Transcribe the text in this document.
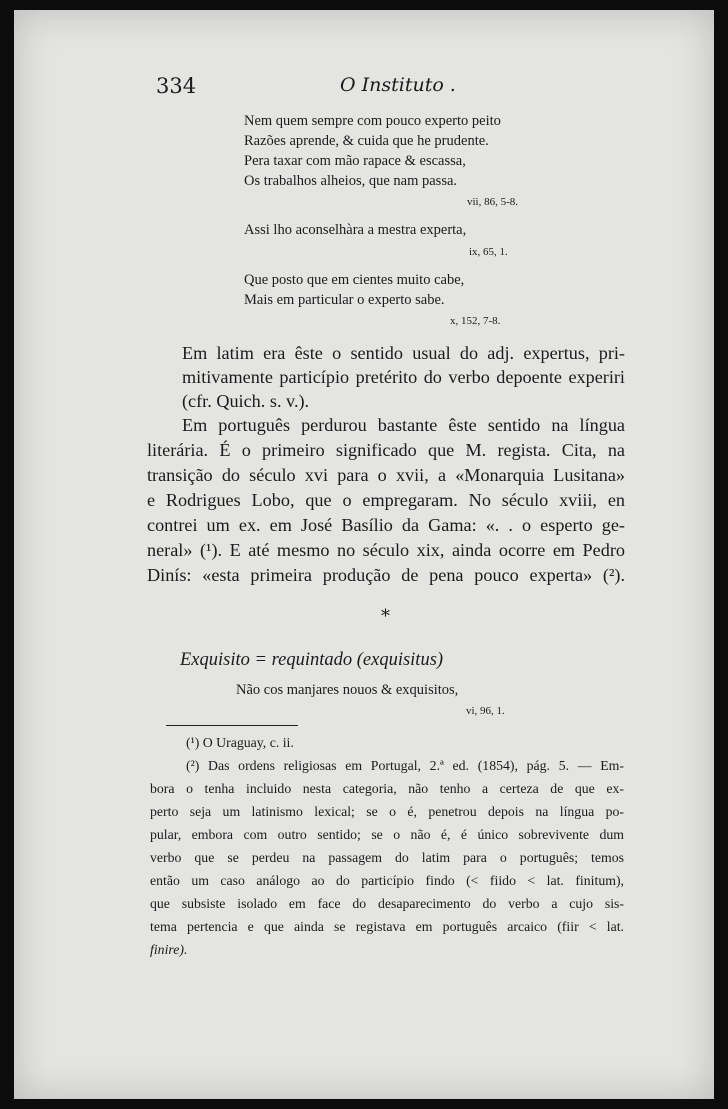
334	O Instituto .
Nem quem sempre com pouco experto peito
Razões aprende, & cuida que he prudente.
Pera taxar com mão rapace & escassa,
Os trabalhos alheios, que nam passa.
vii, 86, 5-8.
Assi lho aconselhàra a mestra experta,
ix, 65, 1.
Que posto que em cientes muito cabe,
Mais em particular o experto sabe.
x, 152, 7-8.
Em latim era êste o sentido usual do adj. expertus, pri-
mitivamente particípio pretérito do verbo depoente experiri
(cfr. Quich. s. v.).
Em português perdurou bastante êste sentido na língua
literária. É o primeiro significado que M. regista. Cita, na
transição do século xvi para o xvii, a «Monarquia Lusitana»
e Rodrigues Lobo, que o empregaram. No século xviii, en
contrei um ex. em José Basílio da Gama: «. . o esperto ge-
neral» (¹). E até mesmo no século xix, ainda ocorre em Pedro
Dinís: «esta primeira produção de pena pouco experta» (²).
*
Exquisito = requintado (exquisitus)
Não cos manjares nouos & exquisitos,
vi, 96, 1.
(¹) O Uraguay, c. ii.
(²) Das ordens religiosas em Portugal, 2.ª ed. (1854), pág. 5. — Em-
bora o tenha incluido nesta categoria, não tenho a certeza de que ex-
perto seja um latinismo lexical; se o é, penetrou depois na língua po-
pular, embora com outro sentido; se o não é, é único sobrevivente dum
verbo que se perdeu na passagem do latim para o português; temos
então um caso análogo ao do particípio findo (< fiido < lat. finitum),
que subsiste isolado em face do desaparecimento do verbo a cujo sis-
tema pertencia e que ainda se registava em português arcaico (fiir < lat.
finire).
